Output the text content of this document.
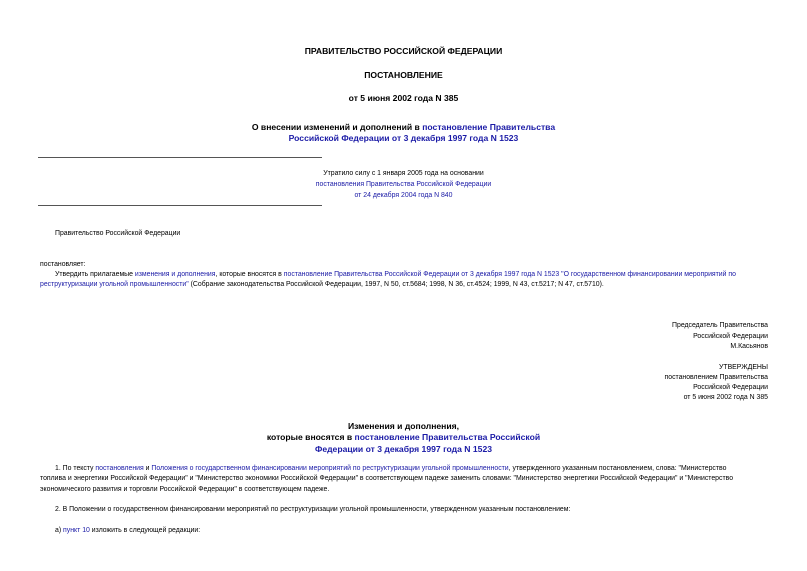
ПРАВИТЕЛЬСТВО РОССИЙСКОЙ ФЕДЕРАЦИИ
ПОСТАНОВЛЕНИЕ
от 5 июня 2002 года N 385
О внесении изменений и дополнений в постановление Правительства
Российской Федерации от 3 декабря 1997 года N 1523
Утратило силу с 1 января 2005 года на основании
постановления Правительства Российской Федерации
от 24 декабря 2004 года N 840
Правительство Российской Федерации
постановляет:
Утвердить прилагаемые изменения и дополнения, которые вносятся в постановление Правительства Российской Федерации от 3 декабря 1997 года N 1523 "О государственном финансировании мероприятий по
реструктуризации угольной промышленности" (Собрание законодательства Российской Федерации, 1997, N 50, ст.5684; 1998, N 36, ст.4524; 1999, N 43, ст.5217; N 47, ст.5710).
Председатель Правительства
Российской Федерации
М.Касьянов
УТВЕРЖДЕНЫ
постановлением Правительства
Российской Федерации
от 5 июня 2002 года N 385
Изменения и дополнения,
которые вносятся в постановление Правительства Российской
Федерации от 3 декабря 1997 года N 1523
1. По тексту постановления и Положения о государственном финансировании мероприятий по реструктуризации угольной промышленности, утвержденного указанным постановлением, слова: "Министерство
топлива и энергетики Российской Федерации" и "Министерство экономики Российской Федерации" в соответствующем падеже заменить словами: "Министерство энергетики Российской Федерации" и "Министерство
экономического развития и торговли Российской Федерации" в соответствующем падеже.
2. В Положении о государственном финансировании мероприятий по реструктуризации угольной промышленности, утвержденном указанным постановлением:
а) пункт 10 изложить в следующей редакции:
